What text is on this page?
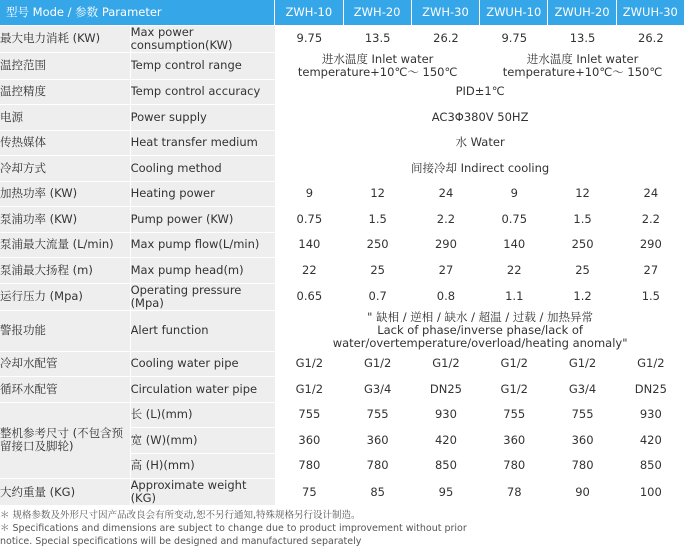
型号 Mode / 参数 Parameter		ZWH-10	ZWH-20	ZWH-30	ZWUH-10	ZWUH-20	ZWUH-30
最大电力消耗 (KW)	Max power consumption(KW)	9.75	13.5	26.2	9.75	13.5	26.2
温控范围	Temp control range	进水温度 Inlet water temperature+10℃～ 150℃			进水温度 Inlet water temperature+10℃～ 150℃		
温控精度	Temp control accuracy	PID±1℃					
电源	Power supply	AC3Φ380V 50HZ					
传热媒体	Heat transfer medium	水 Water					
冷却方式	Cooling method	间接冷却 Indirect cooling					
加热功率 (KW)	Heating power	9	12	24	9	12	24
泵浦功率 (KW)	Pump power (KW)	0.75	1.5	2.2	0.75	1.5	2.2
泵浦最大流量 (L/min)	Max pump flow(L/min)	140	250	290	140	250	290
泵浦最大扬程 (m)	Max pump head(m)	22	25	27	22	25	27
运行压力 (Mpa)	Operating pressure (Mpa)	0.65	0.7	0.8	1.1	1.2	1.5
警报功能	Alert function	" 缺相 / 逆相 / 缺水 / 超温 / 过载 / 加热异常
Lack of phase/inverse phase/lack of water/overtemperature/overload/heating anomaly"					

冷却水配管	Cooling water pipe	G1/2	G1/2	G1/2	G1/2	G1/2	G1/2
循环水配管	Circulation water pipe	G1/2	G3/4	DN25	G1/2	G3/4	DN25
整机参考尺寸 (不包含预留接口及脚轮)	长 (L)(mm)	755	755	930	755	755	930
	宽 (W)(mm)	360	360	420	360	360	420
	高 (H)(mm)	780	780	850	780	780	850
大约重量 (KG)	Approximate weight (KG)	75	85	95	78	90	100
＊ 规格参数及外形尺寸因产品改良会有所变动,恕不另行通知,特殊规格另行设计制造。
＊ Specifications and dimensions are subject to change due to product improvement without prior
notice. Special specifications will be designed and manufactured separately
